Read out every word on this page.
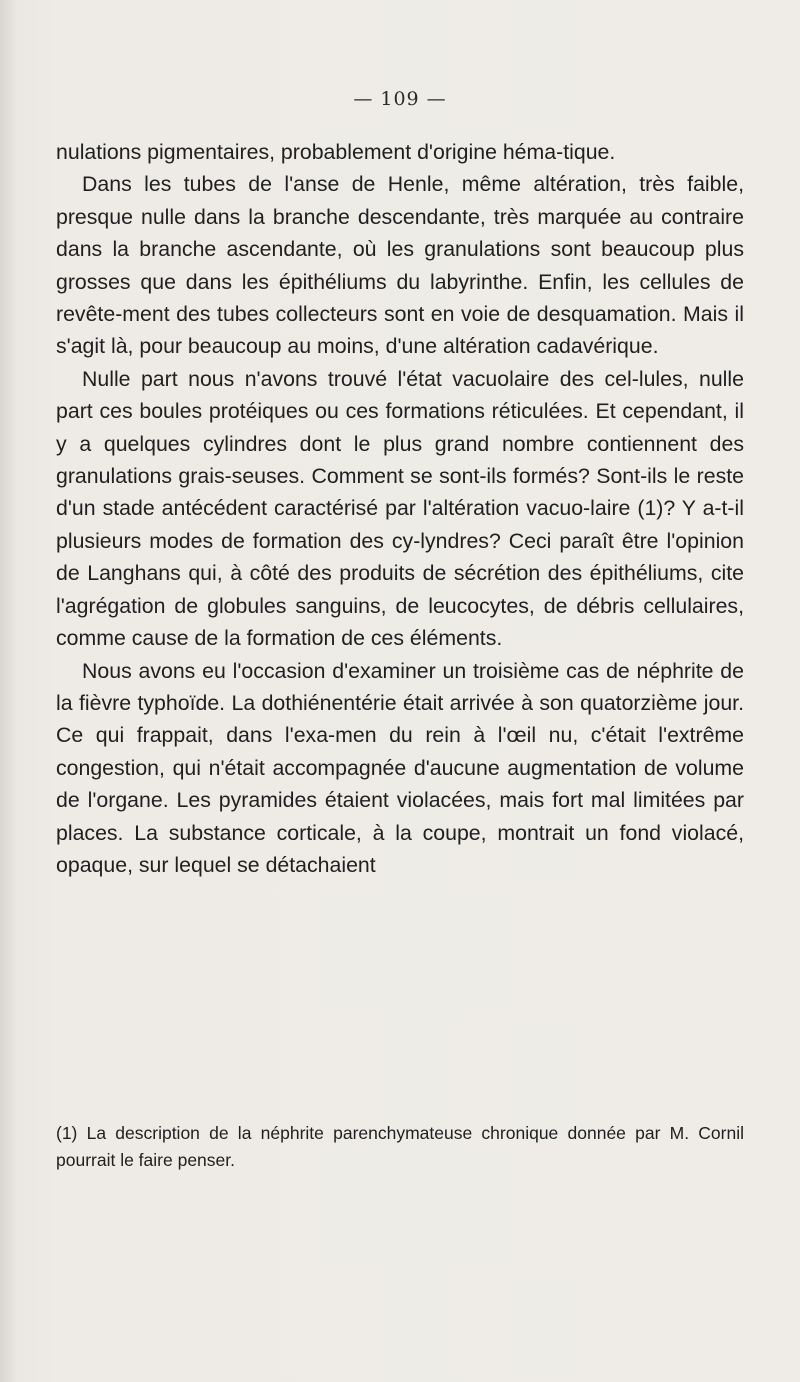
— 109 —

nulations pigmentaires, probablement d'origine héma-tique.

Dans les tubes de l'anse de Henle, même altération, très faible, presque nulle dans la branche descendante, très marquée au contraire dans la branche ascendante, où les granulations sont beaucoup plus grosses que dans les épithéliums du labyrinthe. Enfin, les cellules de revête-ment des tubes collecteurs sont en voie de desquamation. Mais il s'agit là, pour beaucoup au moins, d'une altération cadavérique.

Nulle part nous n'avons trouvé l'état vacuolaire des cel-lules, nulle part ces boules protéiques ou ces formations réticulées. Et cependant, il y a quelques cylindres dont le plus grand nombre contiennent des granulations grais-seuses. Comment se sont-ils formés? Sont-ils le reste d'un stade antécédent caractérisé par l'altération vacuo-laire (1)? Y a-t-il plusieurs modes de formation des cy-lyndres? Ceci paraît être l'opinion de Langhans qui, à côté des produits de sécrétion des épithéliums, cite l'agrégation de globules sanguins, de leucocytes, de débris cellulaires, comme cause de la formation de ces éléments.

Nous avons eu l'occasion d'examiner un troisième cas de néphrite de la fièvre typhoïde. La dothiénentérie était arrivée à son quatorzième jour. Ce qui frappait, dans l'exa-men du rein à l'œil nu, c'était l'extrême congestion, qui n'était accompagnée d'aucune augmentation de volume de l'organe. Les pyramides étaient violacées, mais fort mal limitées par places. La substance corticale, à la coupe, montrait un fond violacé, opaque, sur lequel se détachaient

(1) La description de la néphrite parenchymateuse chronique donnée par M. Cornil pourrait le faire penser.
